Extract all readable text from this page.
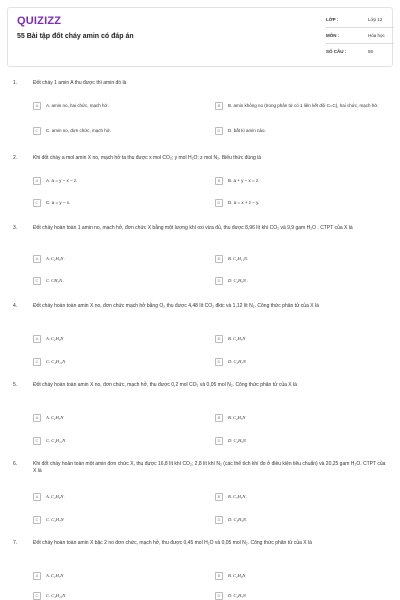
QUIZIZZ
55 Bài tập đốt cháy amin có đáp án
LỚP :	Lớp 12
MÔN :	Hóa học
SỐ CÂU :	55
1.	Đốt cháy 1 amin A thu được thì amin đó là
A	A. amin no, hai chức, mạch hở.	B	B. amin không no (trong phân tử có 1 liên kết đôi C=C), hai chức, mạch hở.
C	C. amin no, đơn chức, mạch hở.	D	D. bất kì amin nào.
2.	Khi đốt cháy a mol amin X no, mạch hở ta thu được x mol CO₂; y mol H₂O; z mol N₂. Biểu thức đúng là
A	A. a = y − x − z.	B	B. a + y − x = z.
C	C. a = y − x.	D	D. a = x + z − y.
3.	Đốt cháy hoàn toàn 1 amin no, mạch hở, đơn chức X bằng một lượng khí oxi vừa đủ, thu được 8,96 lít khí CO₂ và 9,9 gam H₂O . CTPT của X là
A	A. C₂H₅N .	B	B. C₄H₁₁N.
C	C. CH₅N .	D	D. C₄H₉N .
4.	Đốt cháy hoàn toàn amin X no, đơn chức mạch hở bằng O₂ thu được 4,48 lít CO₂ đktc và 1,12 lít N₂. Công thức phân tử của X là
A	A. C₂H₉N	B	B. C₂H₅N
C	C. C₄H₁₁N	D	D. C₂H₇N
5.	Đốt cháy hoàn toàn amin X no, đơn chức, mạch hở, thu được 0,2 mol CO₂ và 0,05 mol N₂. Công thức phân tử của X là
A	A. C₂H₇N	B	B. C₂H₅N
C	C. C₄H₁₁N	D	D. C₄H₉N
6.	Khi đốt cháy hoàn toàn một amin đơn chức X, thu được 16,8 lít khí CO₂; 2,8 lít khí N₂ (các thể tích khí đo ở điều kiện tiêu chuẩn) và 20,25 gam H₂O. CTPT của X là
A	A. C₄H₉N .	B	B. C₃H₇N .
C	C. C₂H₇N	D	D. C₃H₉N.
7.	Đốt cháy hoàn toàn amin X bậc 2 no đơn chức, mạch hở, thu được 0,45 mol H₂O và 0,05 mol N₂. Công thức phân tử của X là
A	A. C₂H₇N	B	B. C₄H₉N
C	C. C₄H₁₁N	D	D. C₂H₅N
